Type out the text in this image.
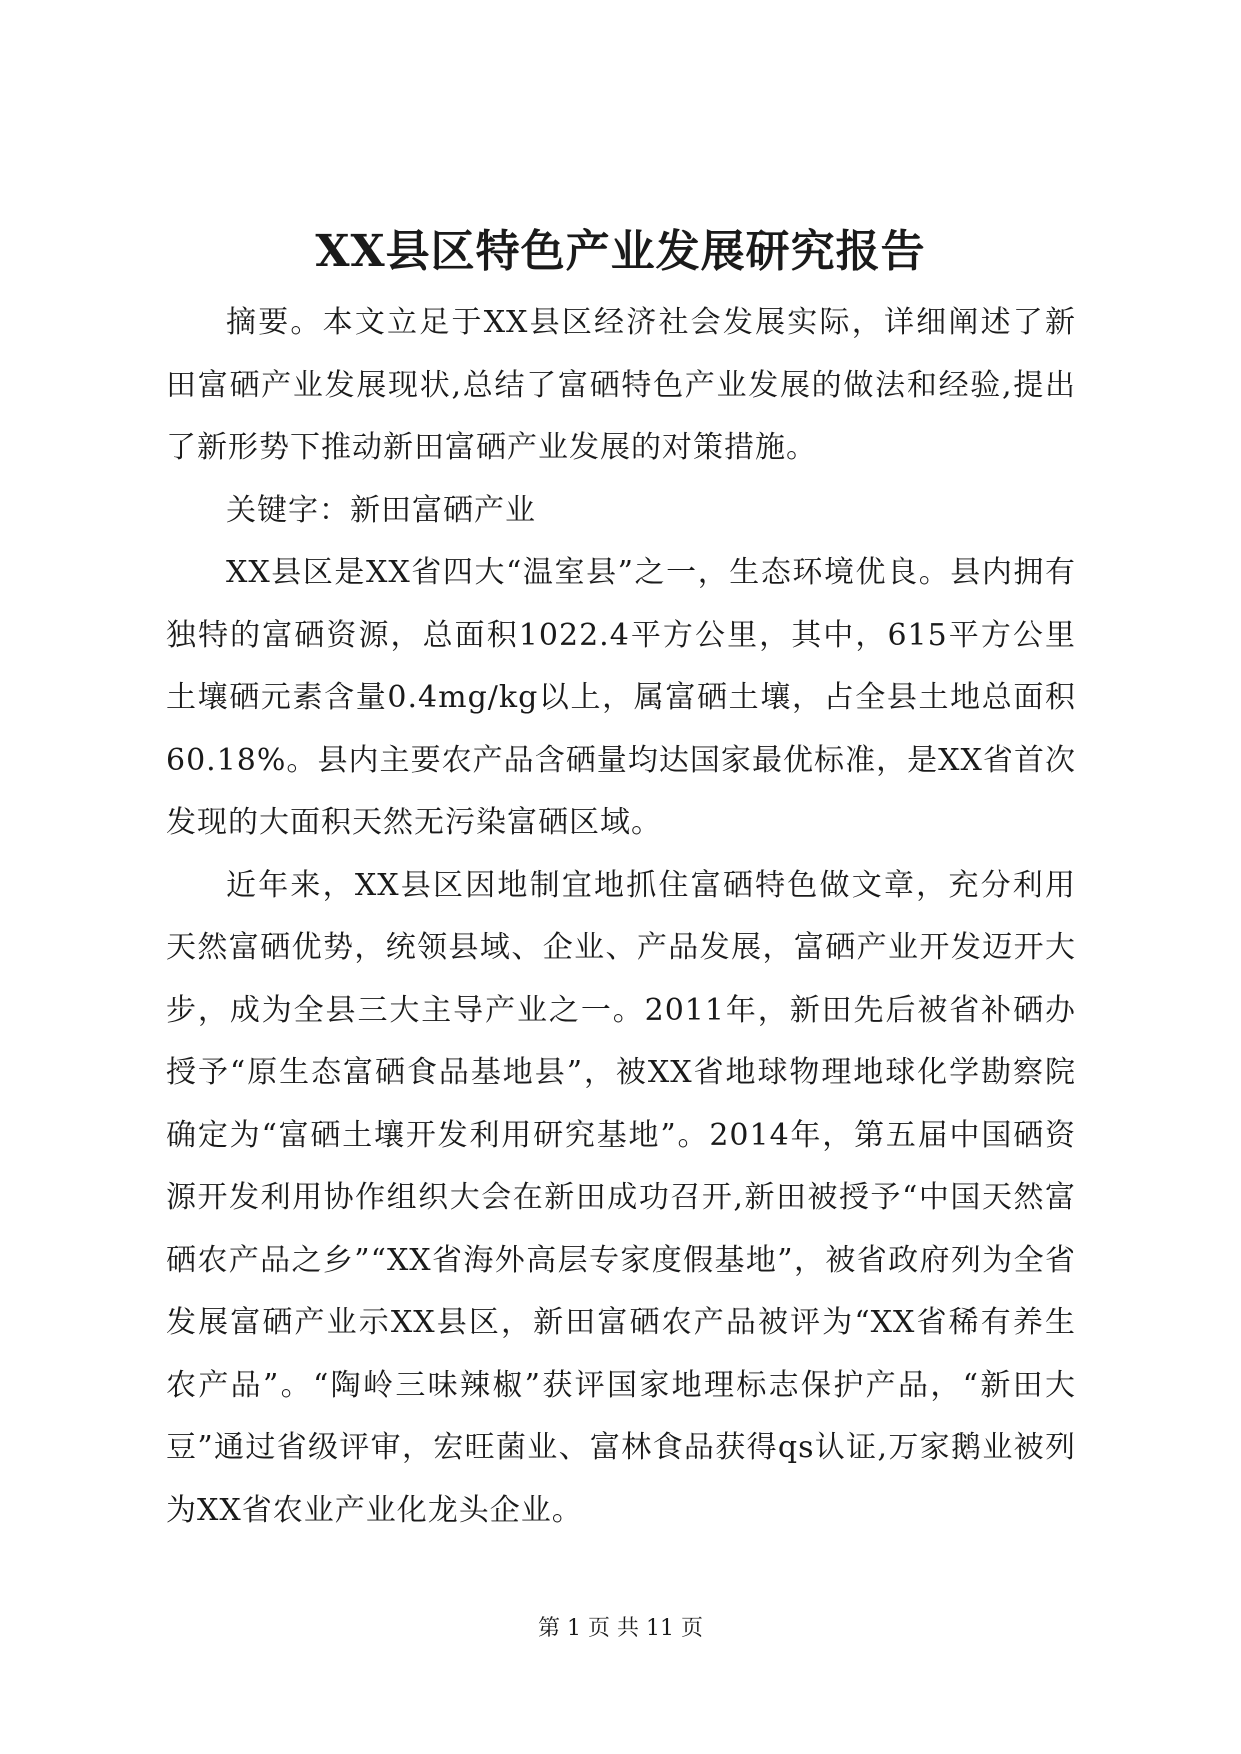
XX县区特色产业发展研究报告

摘要。本文立足于XX县区经济社会发展实际，详细阐述了新田富硒产业发展现状,总结了富硒特色产业发展的做法和经验,提出了新形势下推动新田富硒产业发展的对策措施。

关键字：新田富硒产业

XX县区是XX省四大“温室县”之一，生态环境优良。县内拥有独特的富硒资源，总面积1022.4平方公里，其中，615平方公里土壤硒元素含量0.4mg/kg以上，属富硒土壤，占全县土地总面积60.18%。县内主要农产品含硒量均达国家最优标准，是XX省首次发现的大面积天然无污染富硒区域。

近年来，XX县区因地制宜地抓住富硒特色做文章，充分利用天然富硒优势，统领县域、企业、产品发展，富硒产业开发迈开大步，成为全县三大主导产业之一。2011年，新田先后被省补硒办授予“原生态富硒食品基地县”，被XX省地球物理地球化学勘察院确定为“富硒土壤开发利用研究基地”。2014年，第五届中国硒资源开发利用协作组织大会在新田成功召开,新田被授予“中国天然富硒农产品之乡”“XX省海外高层专家度假基地”，被省政府列为全省发展富硒产业示XX县区，新田富硒农产品被评为“XX省稀有养生农产品”。“陶岭三味辣椒”获评国家地理标志保护产品，“新田大豆”通过省级评审，宏旺菌业、富林食品获得qs认证,万家鹅业被列为XX省农业产业化龙头企业。

第 1 页 共 11 页
